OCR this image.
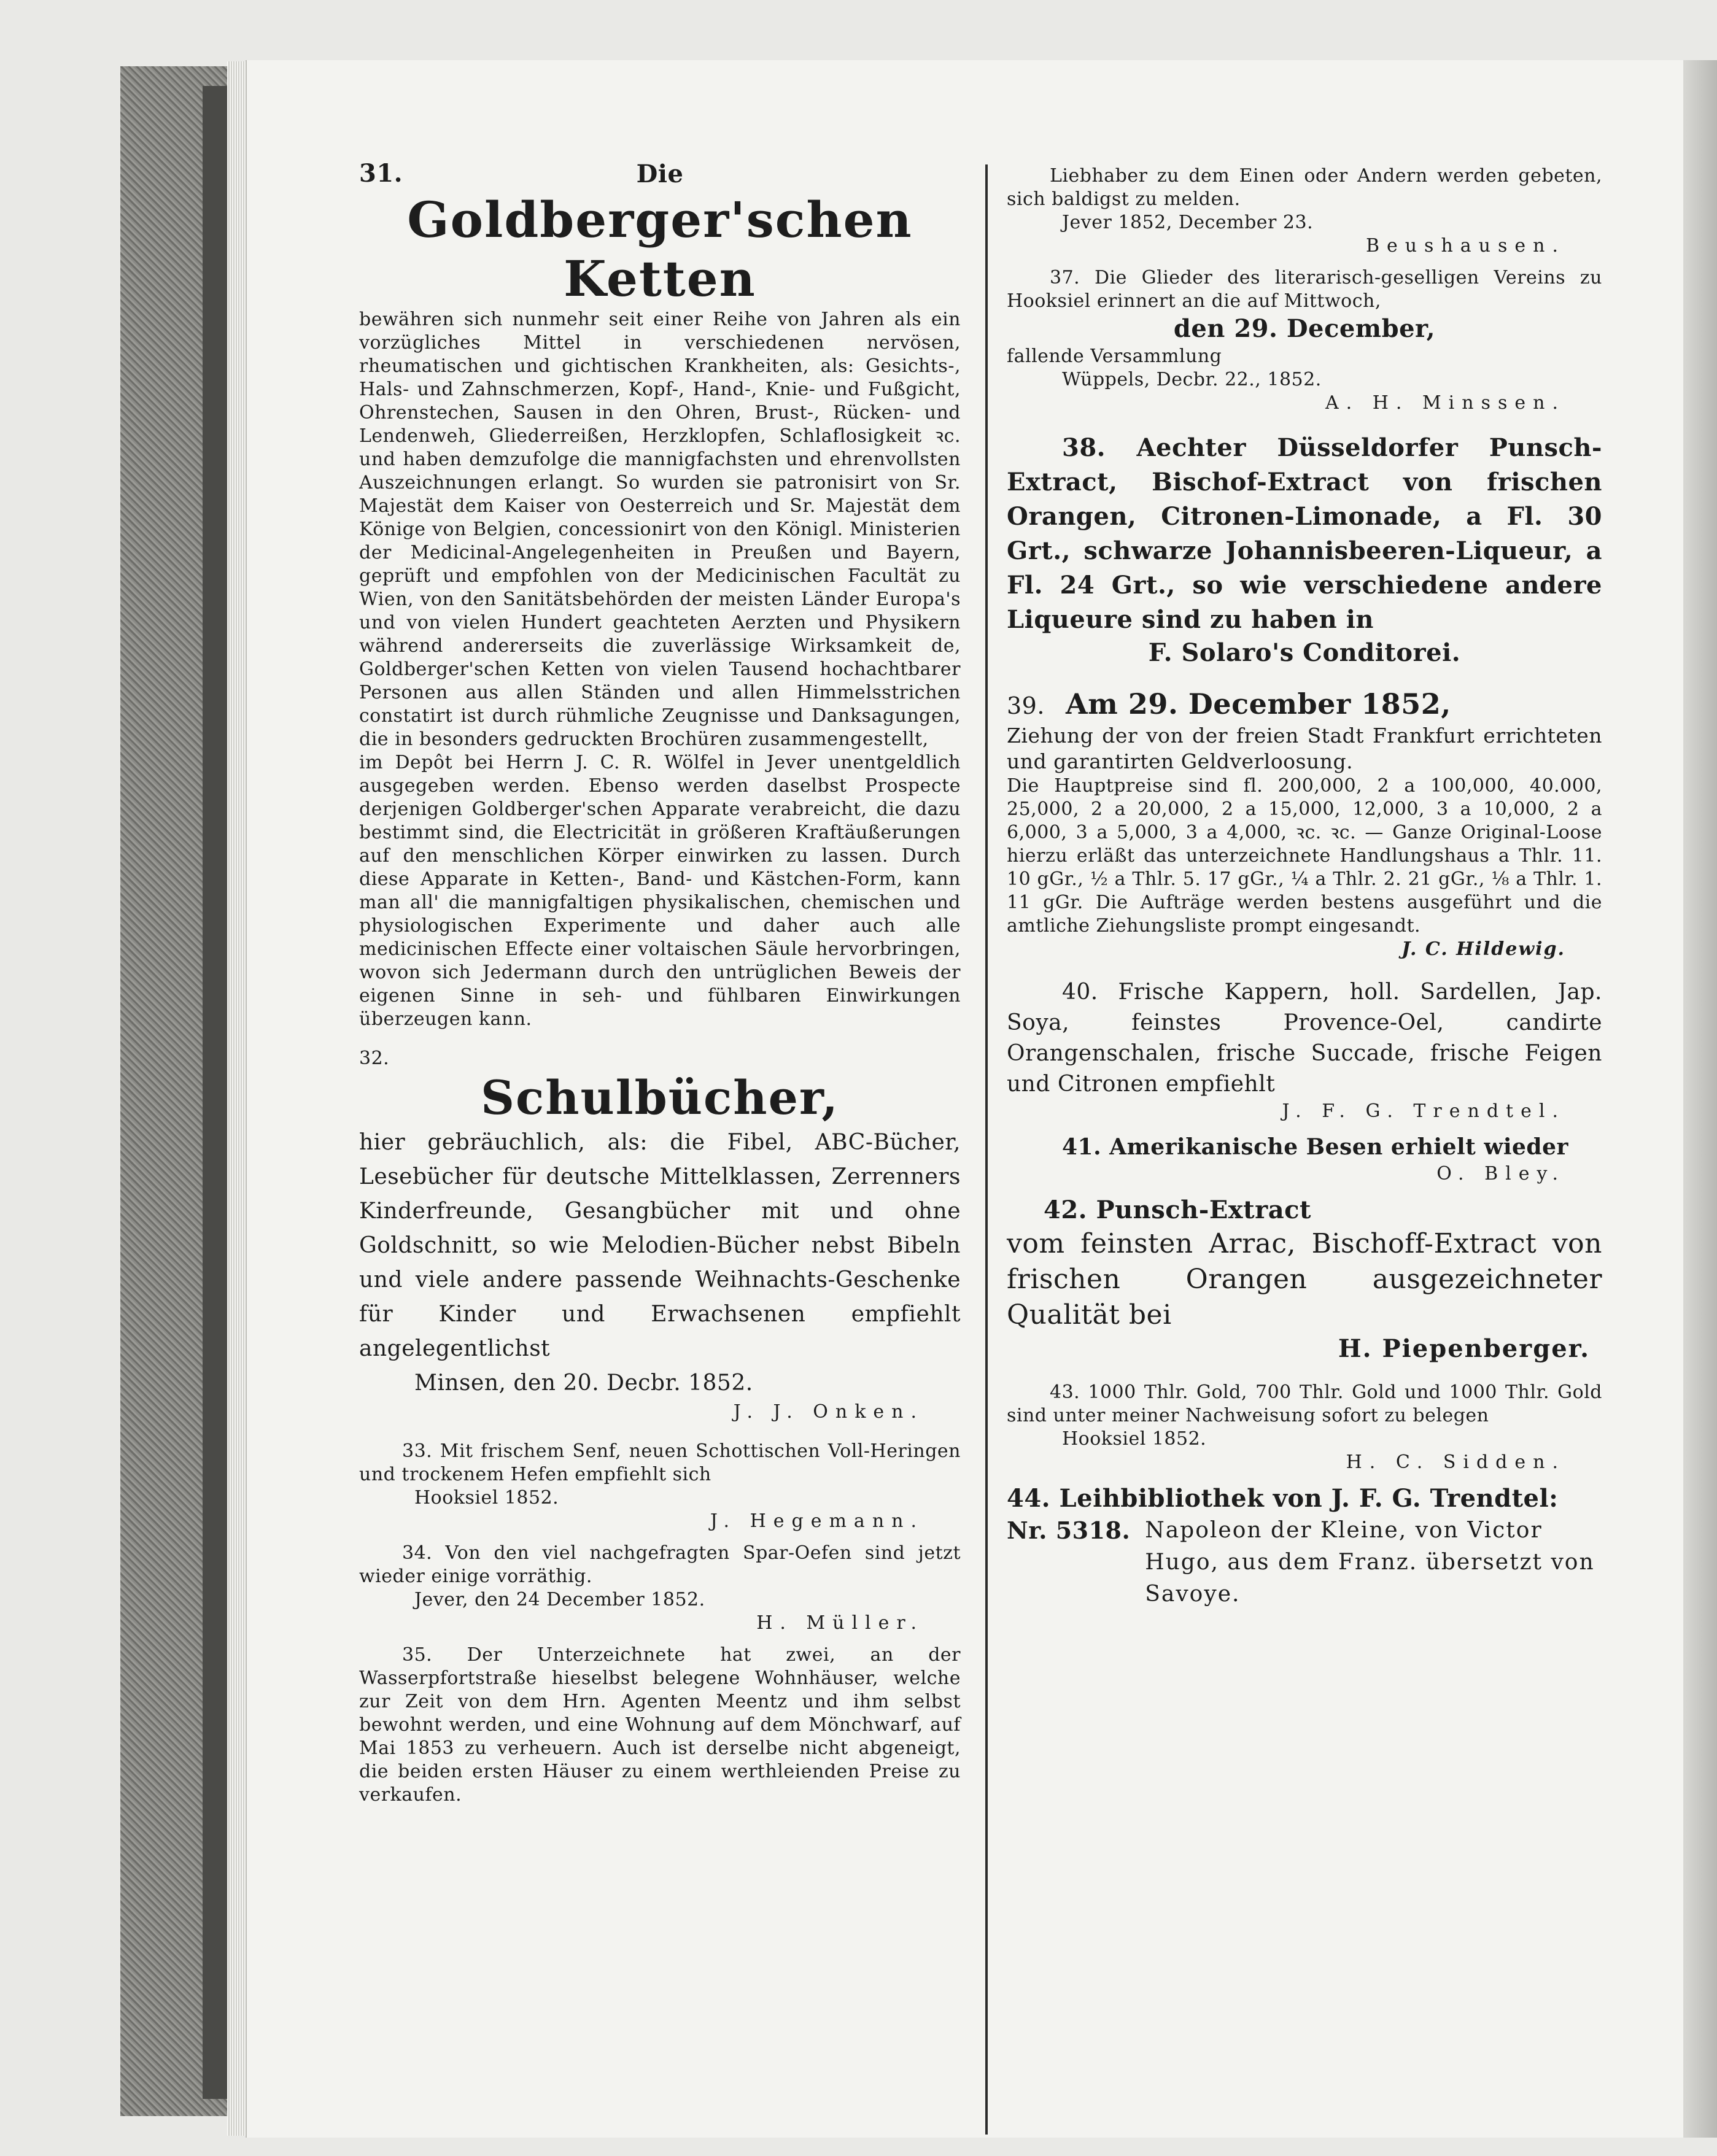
31.	Die

Goldberger'schen Ketten

bewähren sich nunmehr seit einer Reihe von Jahren als ein vorzügliches Mittel in verschiedenen nervösen, rheumatischen und gichtischen Krankheiten, als: Gesichts-, Hals- und Zahnschmerzen, Kopf-, Hand-, Knie- und Fußgicht, Ohrenstechen, Sausen in den Ohren, Brust-, Rücken- und Lendenweh, Gliederreißen, Herzklopfen, Schlaflosigkeit ꝛc. und haben demzufolge die mannigfachsten und ehrenvollsten Auszeichnungen erlangt. So wurden sie patronisirt von Sr. Majestät dem Kaiser von Oesterreich und Sr. Majestät dem Könige von Belgien, concessionirt von den Königl. Ministerien der Medicinal-Angelegenheiten in Preußen und Bayern, geprüft und empfohlen von der Medicinischen Facultät zu Wien, von den Sanitätsbehörden der meisten Länder Europa's und von vielen Hundert geachteten Aerzten und Physikern während andererseits die zuverlässige Wirksamkeit de, Goldberger'schen Ketten von vielen Tausend hochachtbarer Personen aus allen Ständen und allen Himmelsstrichen constatirt ist durch rühmliche Zeugnisse und Danksagungen, die in besonders gedruckten Brochüren zusammengestellt,

im Depôt bei Herrn J. C. R. Wölfel in Jever unentgeldlich ausgegeben werden. Ebenso werden daselbst Prospecte derjenigen Goldberger'schen Apparate verabreicht, die dazu bestimmt sind, die Electricität in größeren Kraftäußerungen auf den menschlichen Körper einwirken zu lassen. Durch diese Apparate in Ketten-, Band- und Kästchen-Form, kann man all' die mannigfaltigen physikalischen, chemischen und physiologischen Experimente und daher auch alle medicinischen Effecte einer voltaischen Säule hervorbringen, wovon sich Jedermann durch den untrüglichen Beweis der eigenen Sinne in seh- und fühlbaren Einwirkungen überzeugen kann.

32.

Schulbücher,

hier gebräuchlich, als: die Fibel, ABC-Bücher, Lesebücher für deutsche Mittelklassen, Zerrenners Kinderfreunde, Gesangbücher mit und ohne Goldschnitt, so wie Melodien-Bücher nebst Bibeln und viele andere passende Weihnachts-Geschenke für Kinder und Erwachsenen empfiehlt angelegentlichst

Minsen, den 20. Decbr. 1852.

J. J. Onken.

33. Mit frischem Senf, neuen Schottischen Voll-Heringen und trockenem Hefen empfiehlt sich

Hooksiel 1852.

J. Hegemann.

34. Von den viel nachgefragten Spar-Oefen sind jetzt wieder einige vorräthig.

Jever, den 24 December 1852.

H. Müller.

35. Der Unterzeichnete hat zwei, an der Wasserpfortstraße hieselbst belegene Wohnhäuser, welche zur Zeit von dem Hrn. Agenten Meentz und ihm selbst bewohnt werden, und eine Wohnung auf dem Mönchwarf, auf Mai 1853 zu verheuern. Auch ist derselbe nicht abgeneigt, die beiden ersten Häuser zu einem werthleienden Preise zu verkaufen.

Liebhaber zu dem Einen oder Andern werden gebeten, sich baldigst zu melden.

Jever 1852, December 23.

Beushausen.

37. Die Glieder des literarisch-geselligen Vereins zu Hooksiel erinnert an die auf Mittwoch,

den 29. December,

fallende Versammlung

Wüppels, Decbr. 22., 1852.

A. H. Minssen.

38. Aechter Düsseldorfer Punsch-Extract, Bischof-Extract von frischen Orangen, Citronen-Limonade, a Fl. 30 Grt., schwarze Johannisbeeren-Liqueur, a Fl. 24 Grt., so wie verschiedene andere Liqueure sind zu haben in

F. Solaro's Conditorei.

39. Am 29. December 1852,

Ziehung der von der freien Stadt Frankfurt errichteten und garantirten Geldverloosung.

Die Hauptpreise sind fl. 200,000, 2 a 100,000, 40.000, 25,000, 2 a 20,000, 2 a 15,000, 12,000, 3 a 10,000, 2 a 6,000, 3 a 5,000, 3 a 4,000, ꝛc. ꝛc. — Ganze Original-Loose hierzu erläßt das unterzeichnete Handlungshaus a Thlr. 11. 10 gGr., ½ a Thlr. 5. 17 gGr., ¼ a Thlr. 2. 21 gGr., ⅛ a Thlr. 1. 11 gGr. Die Aufträge werden bestens ausgeführt und die amtliche Ziehungsliste prompt eingesandt.

J. C. Hildewig.

40. Frische Kappern, holl. Sardellen, Jap. Soya, feinstes Provence-Oel, candirte Orangenschalen, frische Succade, frische Feigen und Citronen empfiehlt

J. F. G. Trendtel.

41. Amerikanische Besen erhielt wieder

O. Bley.

42. Punsch-Extract

vom feinsten Arrac, Bischoff-Extract von frischen Orangen ausgezeichneter Qualität bei

H. Piepenberger.

43. 1000 Thlr. Gold, 700 Thlr. Gold und 1000 Thlr. Gold sind unter meiner Nachweisung sofort zu belegen

Hooksiel 1852.

H. C. Sidden.

44. Leihbibliothek von J. F. G. Trendtel:

Nr. 5318. Napoleon der Kleine, von Victor Hugo, aus dem Franz. übersetzt von Savoye.
